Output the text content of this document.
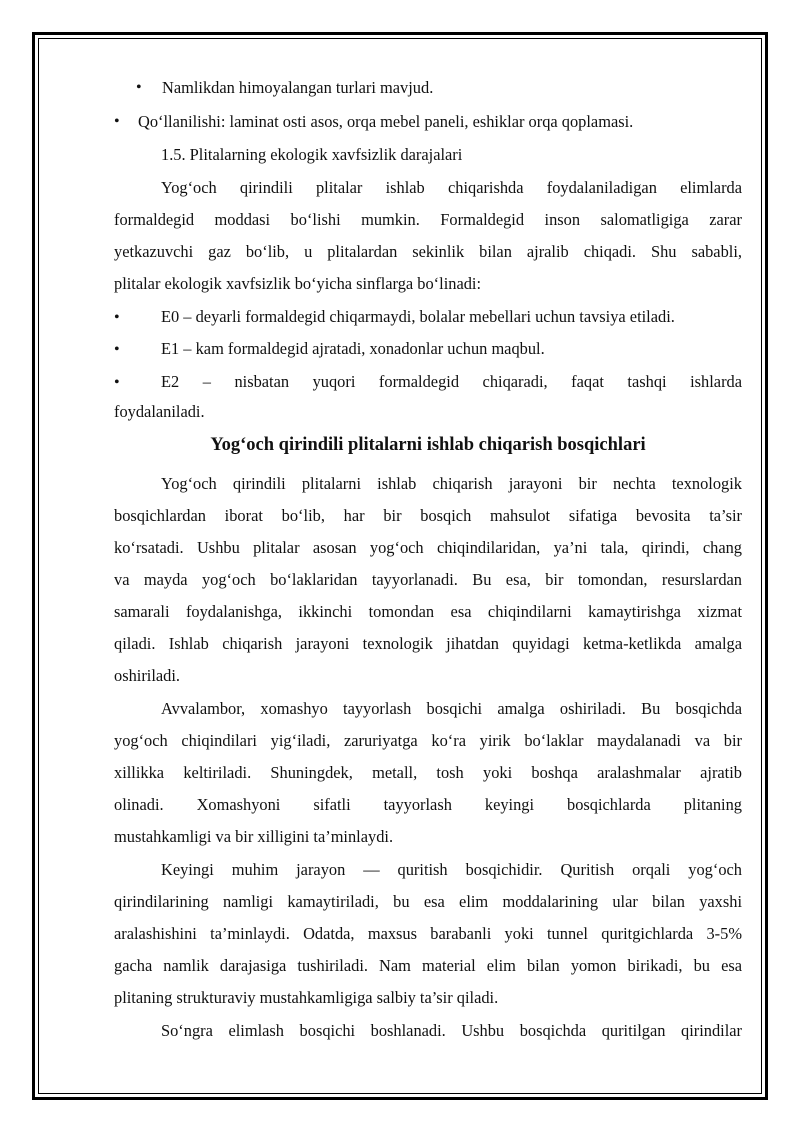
• Namlikdan himoyalangan turlari mavjud.
• Qo‘llanilishi: laminat osti asos, orqa mebel paneli, eshiklar orqa qoplamasi.
1.5. Plitalarning ekologik xavfsizlik darajalari
Yog‘och qirindili plitalar ishlab chiqarishda foydalaniladigan elimlarda
formaldegid moddasi bo‘lishi mumkin. Formaldegid inson salomatligiga zarar
yetkazuvchi gaz bo‘lib, u plitalardan sekinlik bilan ajralib chiqadi. Shu sababli,
plitalar ekologik xavfsizlik bo‘yicha sinflarga bo‘linadi:
•	E0 – deyarli formaldegid chiqarmaydi, bolalar mebellari uchun tavsiya etiladi.
•	E1 – kam formaldegid ajratadi, xonadonlar uchun maqbul.
•	E2 – nisbatan yuqori formaldegid chiqaradi, faqat tashqi ishlarda
foydalaniladi.
Yog‘och qirindili plitalarni ishlab chiqarish bosqichlari
Yog‘och qirindili plitalarni ishlab chiqarish jarayoni bir nechta texnologik
bosqichlardan iborat bo‘lib, har bir bosqich mahsulot sifatiga bevosita ta’sir
ko‘rsatadi. Ushbu plitalar asosan yog‘och chiqindilaridan, ya’ni tala, qirindi, chang
va mayda yog‘och bo‘laklaridan tayyorlanadi. Bu esa, bir tomondan, resurslardan
samarali foydalanishga, ikkinchi tomondan esa chiqindilarni kamaytirishga xizmat
qiladi. Ishlab chiqarish jarayoni texnologik jihatdan quyidagi ketma-ketlikda amalga
oshiriladi.
Avvalambor, xomashyo tayyorlash bosqichi amalga oshiriladi. Bu bosqichda
yog‘och chiqindilari yig‘iladi, zaruriyatga ko‘ra yirik bo‘laklar maydalanadi va bir
xillikka keltiriladi. Shuningdek, metall, tosh yoki boshqa aralashmalar ajratib
olinadi. Xomashyoni sifatli tayyorlash keyingi bosqichlarda plitaning
mustahkamligi va bir xilligini ta’minlaydi.
Keyingi muhim jarayon — quritish bosqichidir. Quritish orqali yog‘och
qirindilarining namligi kamaytiriladi, bu esa elim moddalarining ular bilan yaxshi
aralashishini ta’minlaydi. Odatda, maxsus barabanli yoki tunnel quritgichlarda 3-5%
gacha namlik darajasiga tushiriladi. Nam material elim bilan yomon birikadi, bu esa
plitaning strukturaviy mustahkamligiga salbiy ta’sir qiladi.
So‘ngra elimlash bosqichi boshlanadi. Ushbu bosqichda quritilgan qirindilar
